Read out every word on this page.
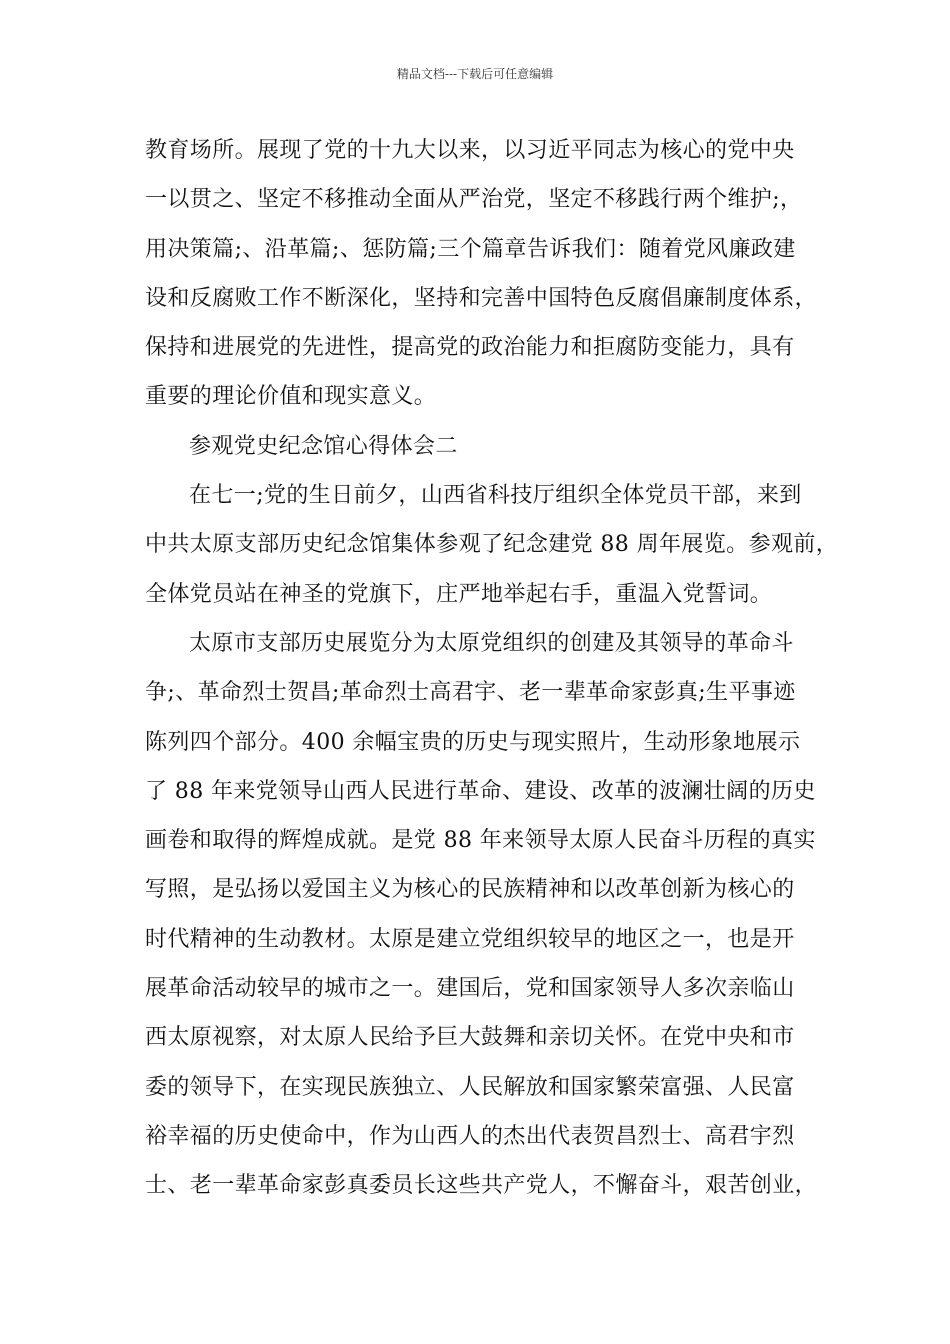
精品文档---下载后可任意编辑
教育场所。展现了党的十九大以来，以习近平同志为核心的党中央
一以贯之、坚定不移推动全面从严治党，坚定不移践行两个维护;，
用决策篇;、沿革篇;、惩防篇;三个篇章告诉我们：随着党风廉政建
设和反腐败工作不断深化，坚持和完善中国特色反腐倡廉制度体系，
保持和进展党的先进性，提高党的政治能力和拒腐防变能力，具有
重要的理论价值和现实意义。
参观党史纪念馆心得体会二
在七一;党的生日前夕，山西省科技厅组织全体党员干部，来到
中共太原支部历史纪念馆集体参观了纪念建党 88 周年展览。参观前，
全体党员站在神圣的党旗下，庄严地举起右手，重温入党誓词。
太原市支部历史展览分为太原党组织的创建及其领导的革命斗
争;、革命烈士贺昌;革命烈士高君宇、老一辈革命家彭真;生平事迹
陈列四个部分。400 余幅宝贵的历史与现实照片，生动形象地展示
了 88 年来党领导山西人民进行革命、建设、改革的波澜壮阔的历史
画卷和取得的辉煌成就。是党 88 年来领导太原人民奋斗历程的真实
写照，是弘扬以爱国主义为核心的民族精神和以改革创新为核心的
时代精神的生动教材。太原是建立党组织较早的地区之一，也是开
展革命活动较早的城市之一。建国后，党和国家领导人多次亲临山
西太原视察，对太原人民给予巨大鼓舞和亲切关怀。在党中央和市
委的领导下，在实现民族独立、人民解放和国家繁荣富强、人民富
裕幸福的历史使命中，作为山西人的杰出代表贺昌烈士、高君宇烈
士、老一辈革命家彭真委员长这些共产党人，不懈奋斗，艰苦创业，
